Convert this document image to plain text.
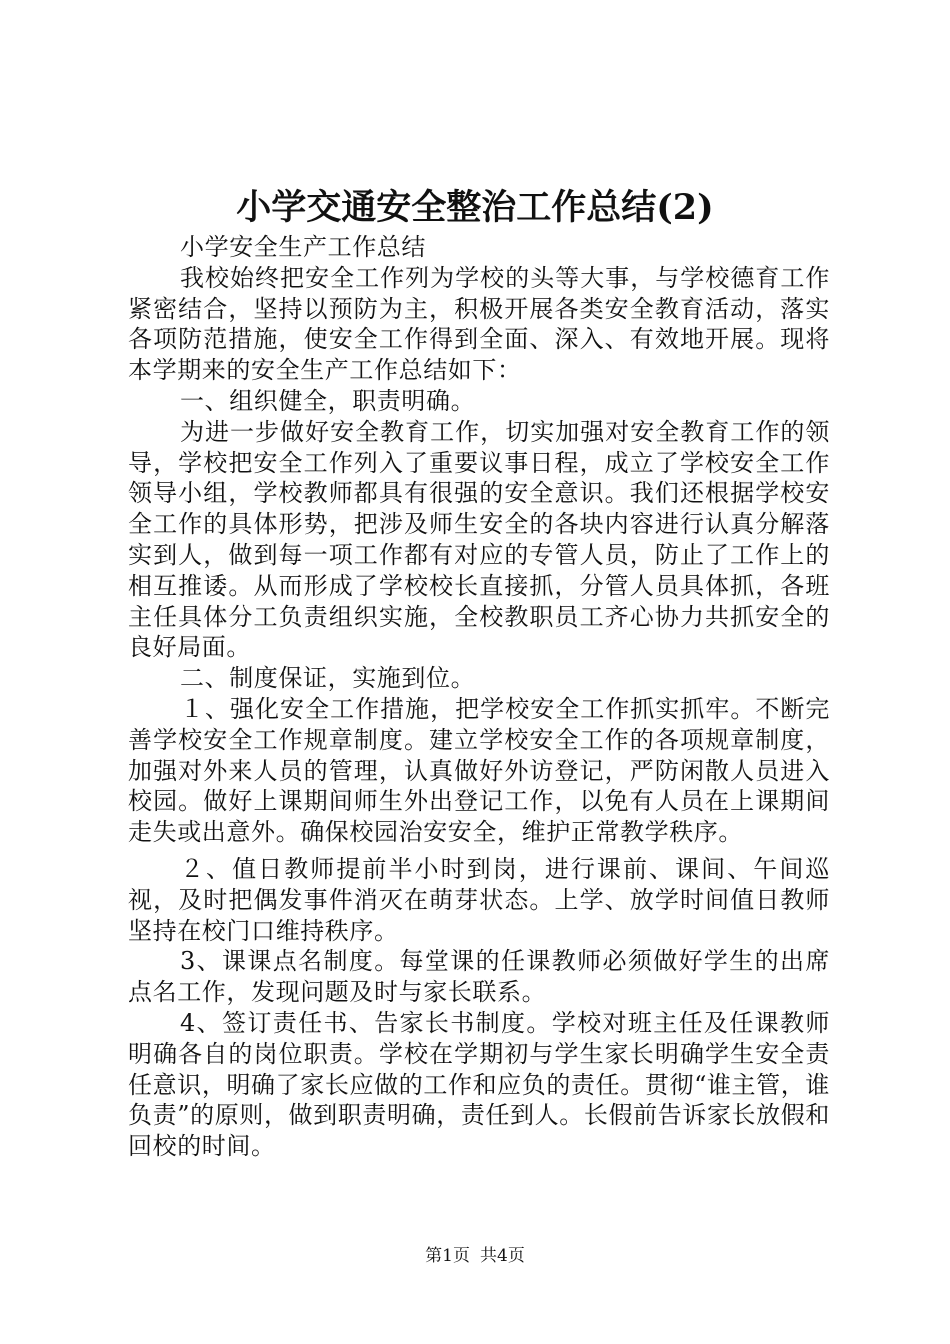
小学交通安全整治工作总结(2)

小学安全生产工作总结

我校始终把安全工作列为学校的头等大事，与学校德育工作紧密结合，坚持以预防为主，积极开展各类安全教育活动，落实各项防范措施，使安全工作得到全面、深入、有效地开展。现将本学期来的安全生产工作总结如下：

一、组织健全，职责明确。

为进一步做好安全教育工作，切实加强对安全教育工作的领导，学校把安全工作列入了重要议事日程，成立了学校安全工作领导小组，学校教师都具有很强的安全意识。我们还根据学校安全工作的具体形势，把涉及师生安全的各块内容进行认真分解落实到人，做到每一项工作都有对应的专管人员，防止了工作上的相互推诿。从而形成了学校校长直接抓，分管人员具体抓，各班主任具体分工负责组织实施，全校教职员工齐心协力共抓安全的良好局面。

二、制度保证，实施到位。

１、强化安全工作措施，把学校安全工作抓实抓牢。不断完善学校安全工作规章制度。建立学校安全工作的各项规章制度，加强对外来人员的管理，认真做好外访登记，严防闲散人员进入校园。做好上课期间师生外出登记工作，以免有人员在上课期间走失或出意外。确保校园治安安全，维护正常教学秩序。

２、值日教师提前半小时到岗，进行课前、课间、午间巡视，及时把偶发事件消灭在萌芽状态。上学、放学时间值日教师坚持在校门口维持秩序。

3、课课点名制度。每堂课的任课教师必须做好学生的出席点名工作，发现问题及时与家长联系。

4、签订责任书、告家长书制度。学校对班主任及任课教师明确各自的岗位职责。学校在学期初与学生家长明确学生安全责任意识，明确了家长应做的工作和应负的责任。贯彻“谁主管，谁负责”的原则，做到职责明确，责任到人。长假前告诉家长放假和回校的时间。

第1页 共4页
